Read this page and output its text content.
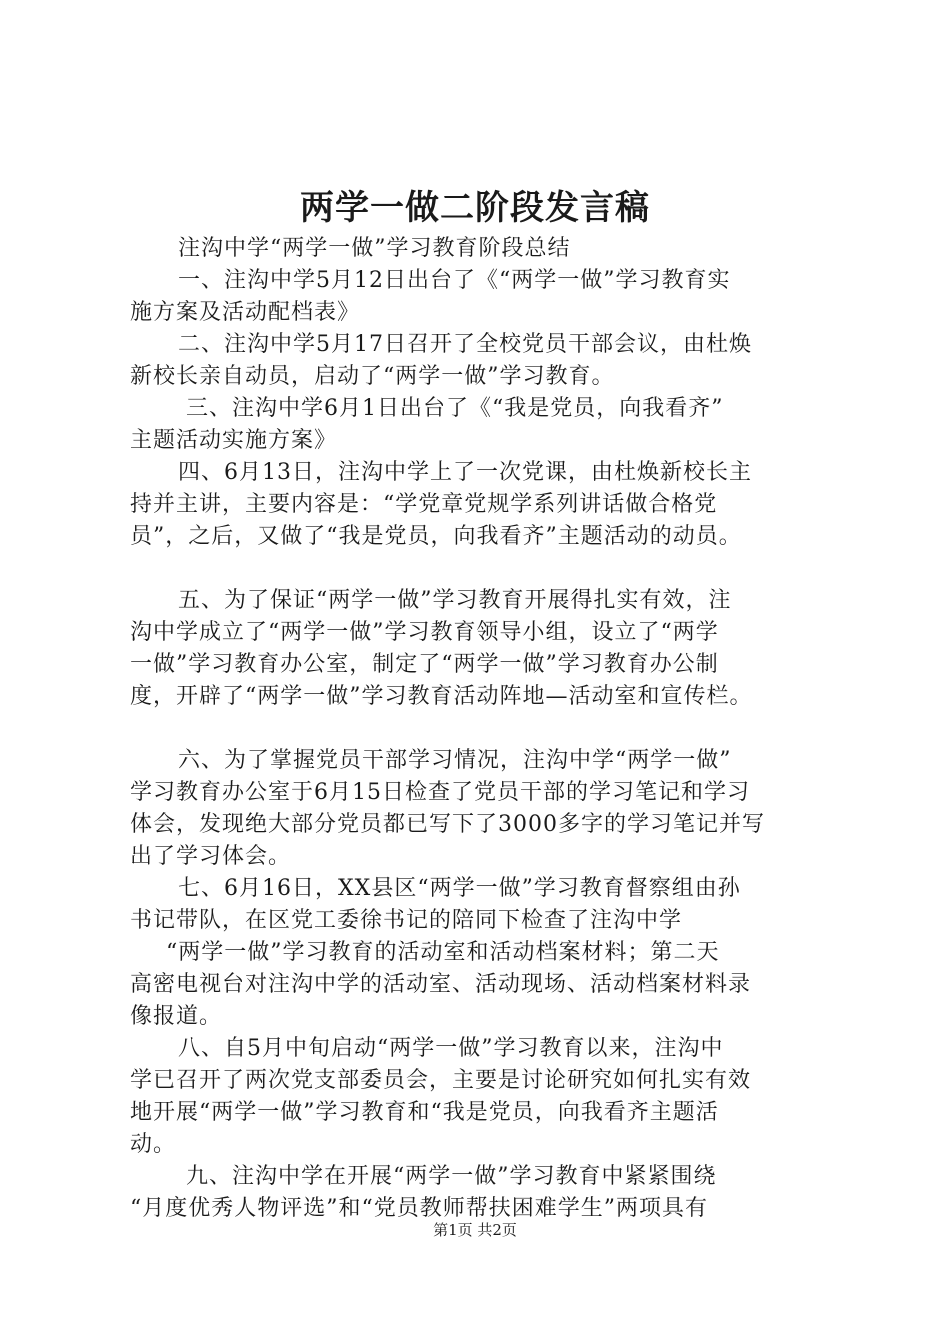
两学一做二阶段发言稿
注沟中学“两学一做”学习教育阶段总结
一、注沟中学5月12日出台了《“两学一做”学习教育实
施方案及活动配档表》
二、注沟中学5月17日召开了全校党员干部会议，由杜焕
新校长亲自动员，启动了“两学一做”学习教育。
三、注沟中学6月1日出台了《“我是党员，向我看齐”
主题活动实施方案》
四、6月13日，注沟中学上了一次党课，由杜焕新校长主
持并主讲，主要内容是：“学党章党规学系列讲话做合格党
员”，之后，又做了“我是党员，向我看齐”主题活动的动员。
五、为了保证“两学一做”学习教育开展得扎实有效，注
沟中学成立了“两学一做”学习教育领导小组，设立了“两学
一做”学习教育办公室，制定了“两学一做”学习教育办公制
度，开辟了“两学一做”学习教育活动阵地—活动室和宣传栏。
六、为了掌握党员干部学习情况，注沟中学“两学一做”
学习教育办公室于6月15日检查了党员干部的学习笔记和学习
体会，发现绝大部分党员都已写下了3000多字的学习笔记并写
出了学习体会。
七、6月16日，XX县区“两学一做”学习教育督察组由孙
书记带队，在区党工委徐书记的陪同下检查了注沟中学
“两学一做”学习教育的活动室和活动档案材料；第二天
高密电视台对注沟中学的活动室、活动现场、活动档案材料录
像报道。
八、自5月中旬启动“两学一做”学习教育以来，注沟中
学已召开了两次党支部委员会，主要是讨论研究如何扎实有效
地开展“两学一做”学习教育和“我是党员，向我看齐主题活
动。
九、注沟中学在开展“两学一做”学习教育中紧紧围绕
“月度优秀人物评选”和“党员教师帮扶困难学生”两项具有
第1页 共2页
